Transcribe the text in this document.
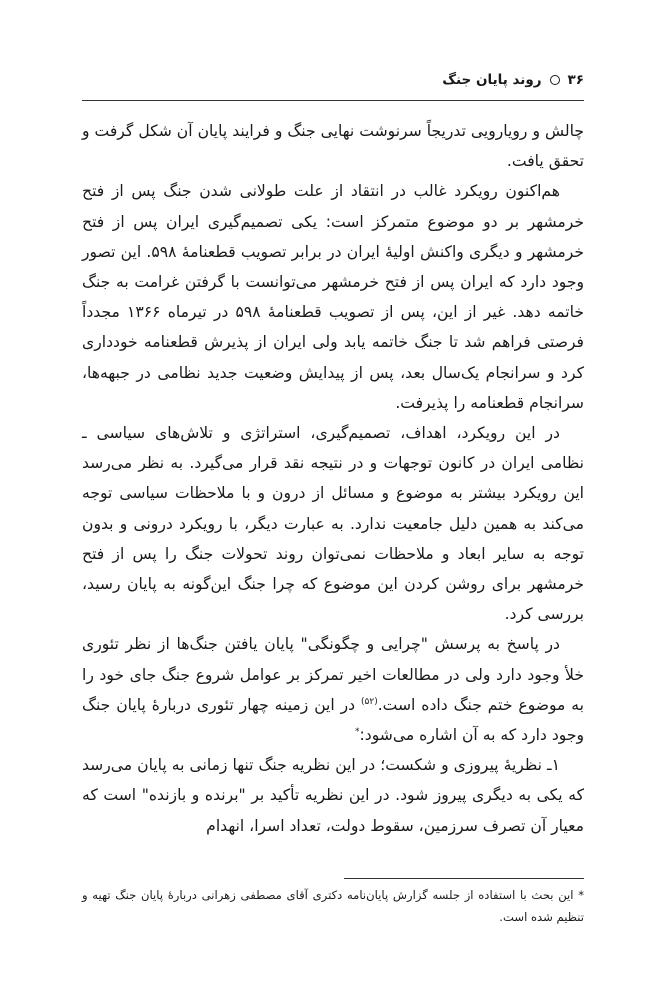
۳۶
روند پایان جنگ

چالش و رویارویی تدریجاً سرنوشت نهایی جنگ و فرایند پایان آن شکل گرفت و تحقق یافت.

هم‌اکنون رویکرد غالب در انتقاد از علت طولانی شدن جنگ پس از فتح خرمشهر بر دو موضوع متمرکز است: یکی تصمیم‌گیری ایران پس از فتح خرمشهر و دیگری واکنش اولیهٔ ایران در برابر تصویب قطعنامهٔ ۵۹۸. این تصور وجود دارد که ایران پس از فتح خرمشهر می‌توانست با گرفتن غرامت به جنگ خاتمه دهد. غیر از این، پس از تصویب قطعنامهٔ ۵۹۸ در تیرماه ۱۳۶۶ مجدداً فرصتی فراهم شد تا جنگ خاتمه یابد ولی ایران از پذیرش قطعنامه خودداری کرد و سرانجام یک‌سال بعد، پس از پیدایش وضعیت جدید نظامی در جبهه‌ها، سرانجام قطعنامه را پذیرفت.

در این رویکرد، اهداف، تصمیم‌گیری، استراتژی و تلاش‌های سیاسی ـ نظامی ایران در کانون توجهات و در نتیجه نقد قرار می‌گیرد. به نظر می‌رسد این رویکرد بیشتر به موضوع و مسائل از درون و با ملاحظات سیاسی توجه می‌کند به همین دلیل جامعیت ندارد. به عبارت دیگر، با رویکرد درونی و بدون توجه به سایر ابعاد و ملاحظات نمی‌توان روند تحولات جنگ را پس از فتح خرمشهر برای روشن کردن این موضوع که چرا جنگ این‌گونه به پایان رسید، بررسی کرد.

در پاسخ به پرسش "چرایی و چگونگی" پایان یافتن جنگ‌ها از نظر تئوری خلأ وجود دارد ولی در مطالعات اخیر تمرکز بر عوامل شروع جنگ جای خود را به موضوع ختم جنگ داده است.$^{(۵۲)}$ در این زمینه چهار تئوری دربارهٔ پایان جنگ وجود دارد که به آن اشاره می‌شود:*

۱ـ نظریهٔ پیروزی و شکست؛ در این نظریه جنگ تنها زمانی به پایان می‌رسد که یکی به دیگری پیروز شود. در این نظریه تأکید بر "برنده و بازنده" است که معیار آن تصرف سرزمین، سقوط دولت، تعداد اسرا، انهدام

* این بحث با استفاده از جلسه گزارش پایان‌نامه دکتری آقای مصطفی زهرانی دربارهٔ پایان جنگ تهیه و تنظیم شده است.
